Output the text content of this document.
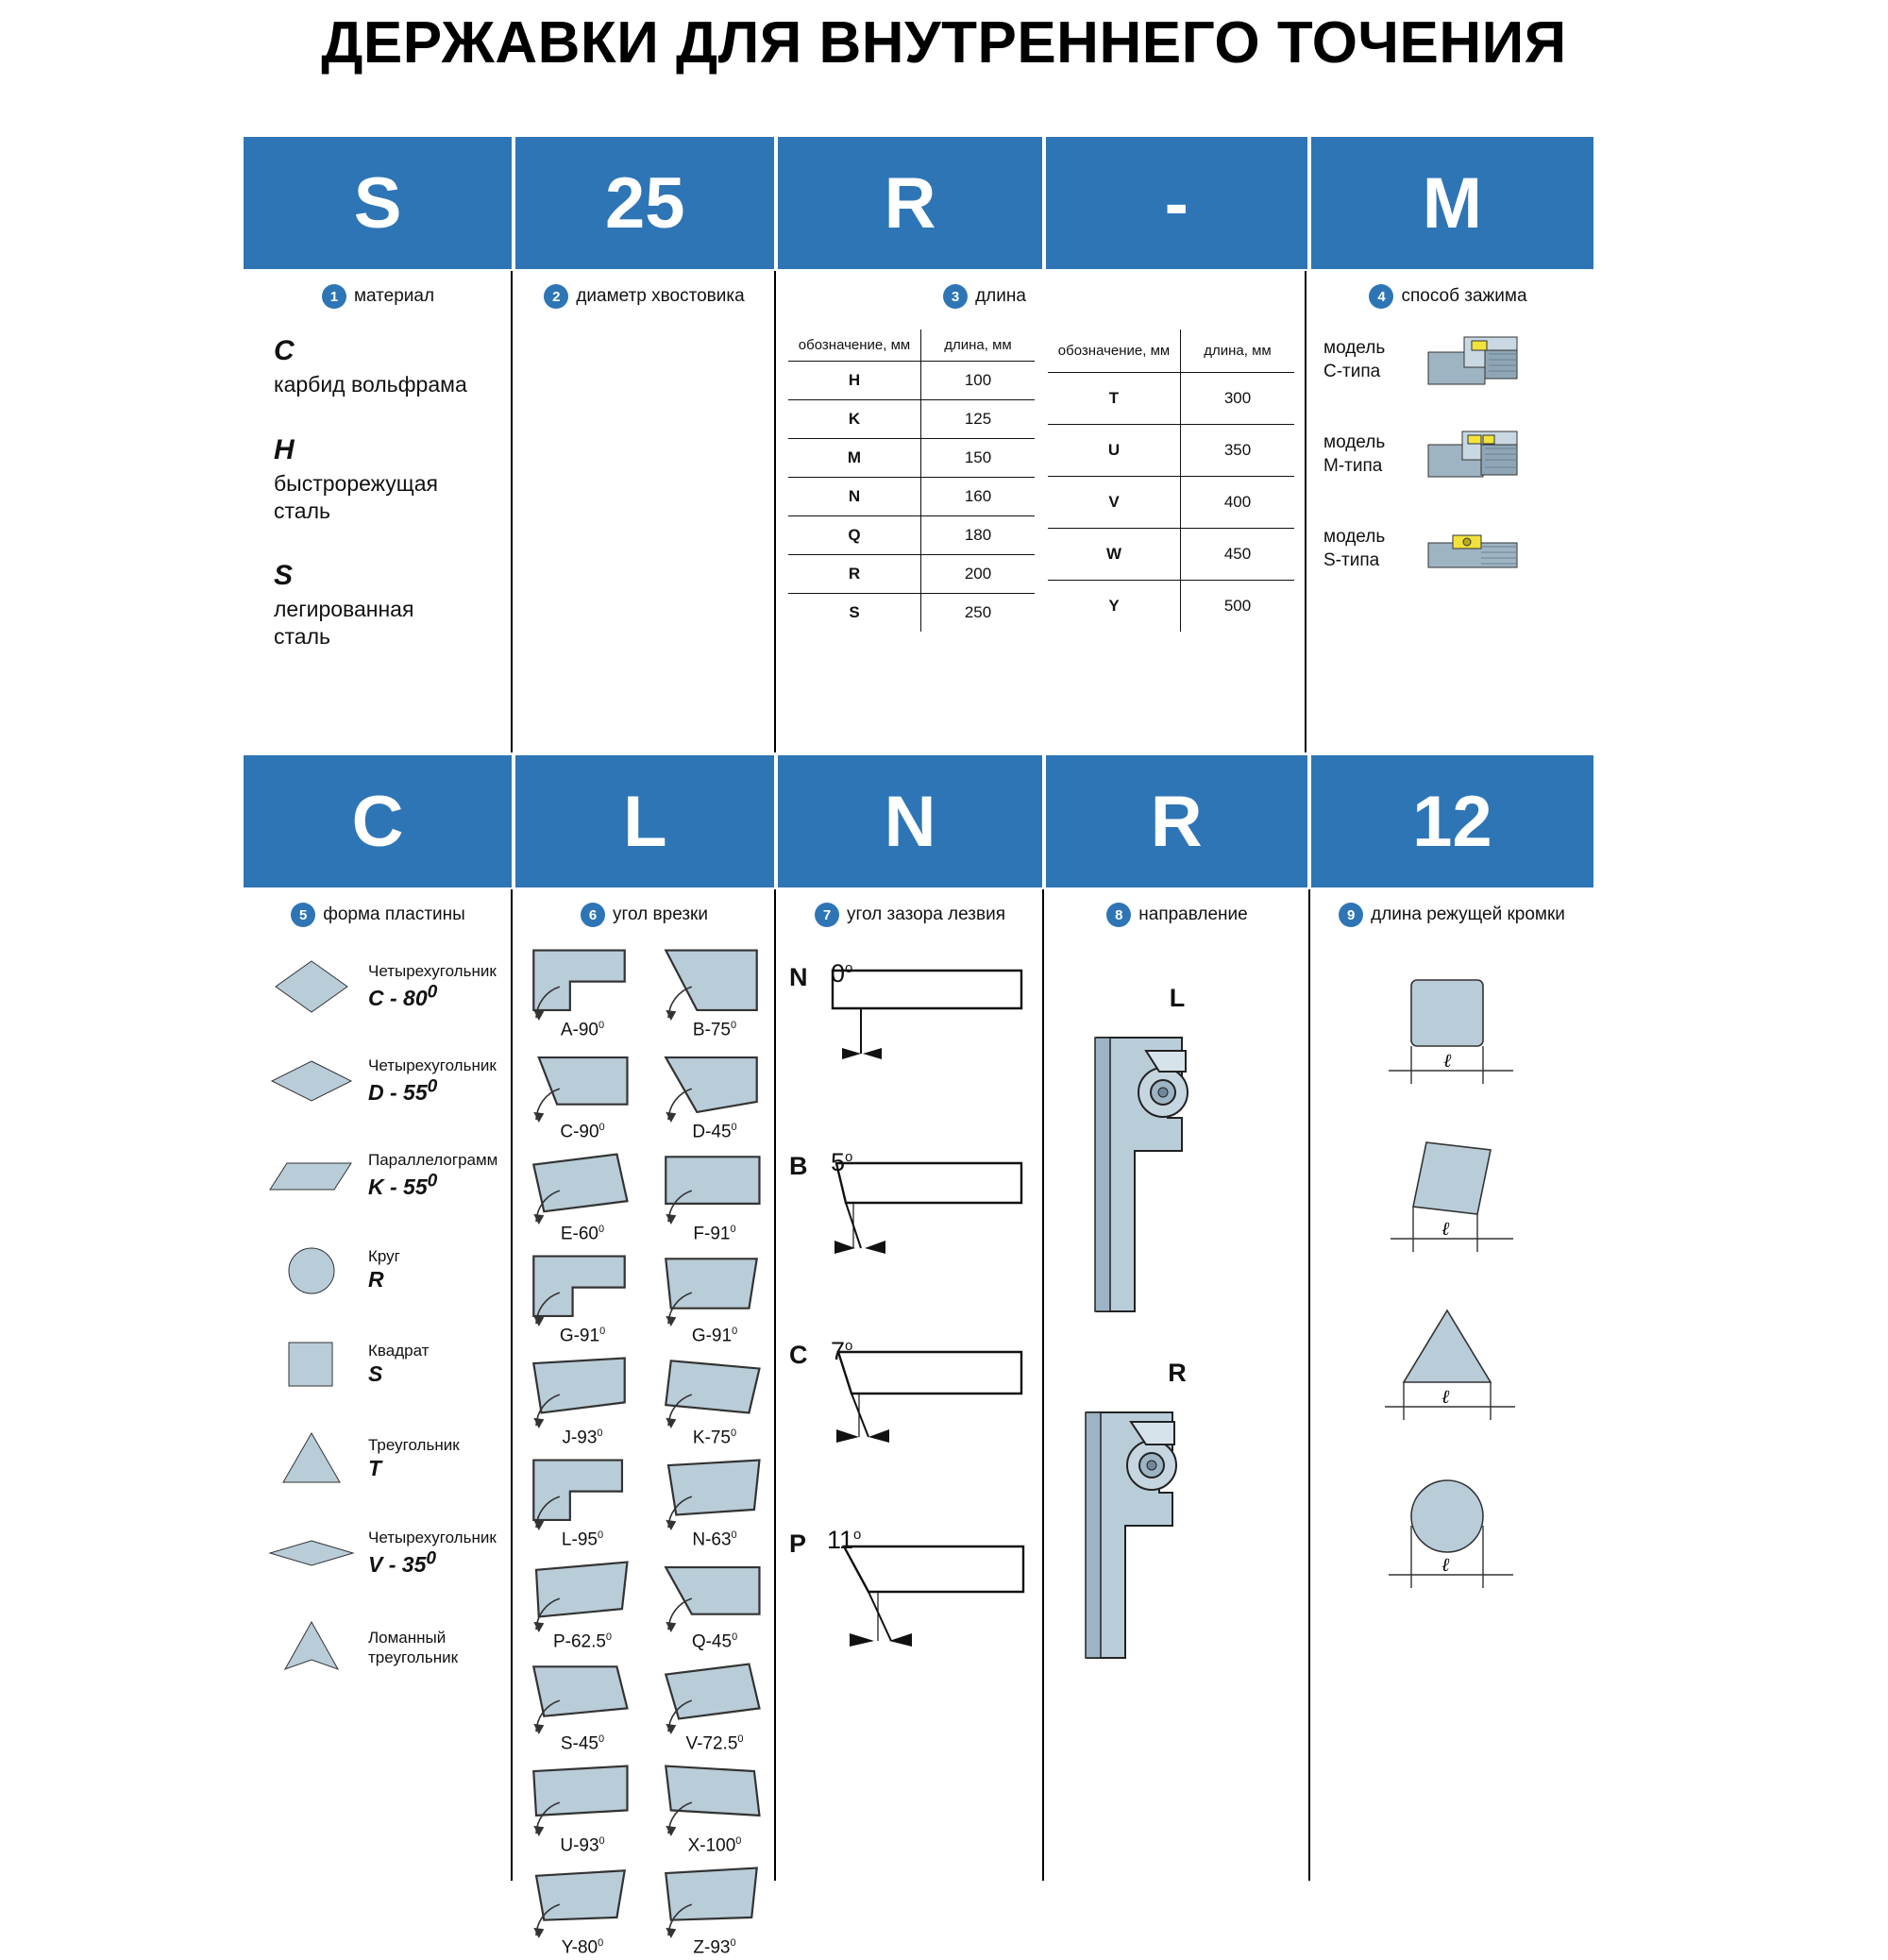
ДЕРЖАВКИ ДЛЯ ВНУТРЕННЕГО ТОЧЕНИЯ
S	25	R	-	M
1 материал
C
карбид вольфрама
H
быстрорежущая
сталь
S
легированная
сталь
2 диаметр хвостовика	3 длина
обозначение, мм	длина, мм
H	100
K	125
M	150
N	160
Q	180
R	200
S	250
обозначение, мм	длина, мм
T	300
U	350
V	400
W	450
Y	500
4 способ зажима
модель
C-типа
модель
M-типа
модель
S-типа
C	L	N	R	12
5 форма пластины
Четырехугольник
C - $80^0$
Четырехугольник
D - $55^0$
Параллелограмм
K - $55^0$
Круг
R
Квадрат
S
Треугольник
T
Четырехугольник
V - $35^0$
Ломанный
треугольник
6 угол врезки
$A-90^0$	$B-75^0$
$C-90^0$	$D-45^0$
$E-60^0$	$F-91^0$
$G-91^0$	$G-91^0$
$J-93^0$	$K-75^0$
$L-95^0$	$N-63^0$
P-62.5$^0$	$Q-45^0$
$S-45^0$	V-72.5$^0$
$U-93^0$	$X-100^0$
$Y-80^0$	$Z-93^0$
7 угол зазора лезвия
N 0$^o$
B 5$^o$
C 7$^o$
P 11$^o$
8 направление
L
R
9 длина режущей кромки
ℓ
ℓ
ℓ
ℓ
